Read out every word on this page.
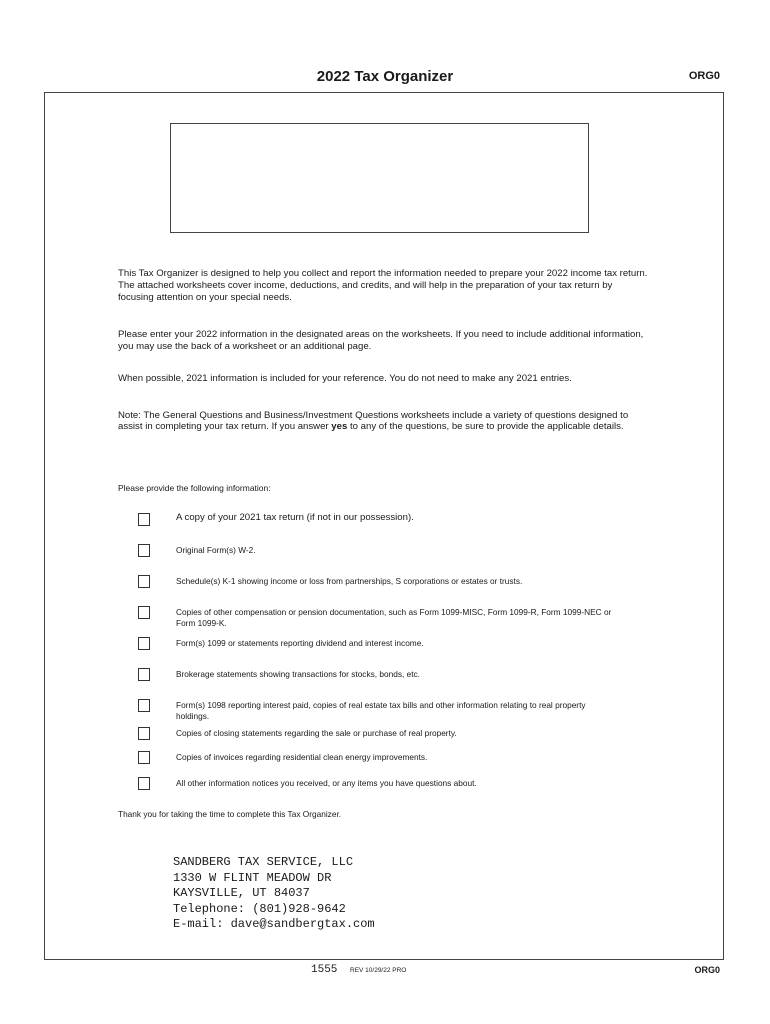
2022 Tax Organizer	ORG0
This Tax Organizer is designed to help you collect and report the information needed to prepare your 2022 income tax return. The attached worksheets cover income, deductions, and credits, and will help in the preparation of your tax return by focusing attention on your special needs.
Please enter your 2022 information in the designated areas on the worksheets. If you need to include additional information, you may use the back of a worksheet or an additional page.
When possible, 2021 information is included for your reference. You do not need to make any 2021 entries.
Note: The General Questions and Business/Investment Questions worksheets include a variety of questions designed to assist in completing your tax return. If you answer yes to any of the questions, be sure to provide the applicable details.
Please provide the following information:
A copy of your 2021 tax return (if not in our possession).
Original Form(s) W-2.
Schedule(s) K-1 showing income or loss from partnerships, S corporations or estates or trusts.
Copies of other compensation or pension documentation, such as Form 1099-MISC, Form 1099-R, Form 1099-NEC or Form 1099-K.
Form(s) 1099 or statements reporting dividend and interest income.
Brokerage statements showing transactions for stocks, bonds, etc.
Form(s) 1098 reporting interest paid, copies of real estate tax bills and other information relating to real property holdings.
Copies of closing statements regarding the sale or purchase of real property.
Copies of invoices regarding residential clean energy improvements.
All other information notices you received, or any items you have questions about.
Thank you for taking the time to complete this Tax Organizer.
SANDBERG TAX SERVICE, LLC
1330 W FLINT MEADOW DR
KAYSVILLE, UT 84037
Telephone: (801)928-9642
E-mail: dave@sandbergtax.com
1555 REV 10/29/22 PRO	ORG0
